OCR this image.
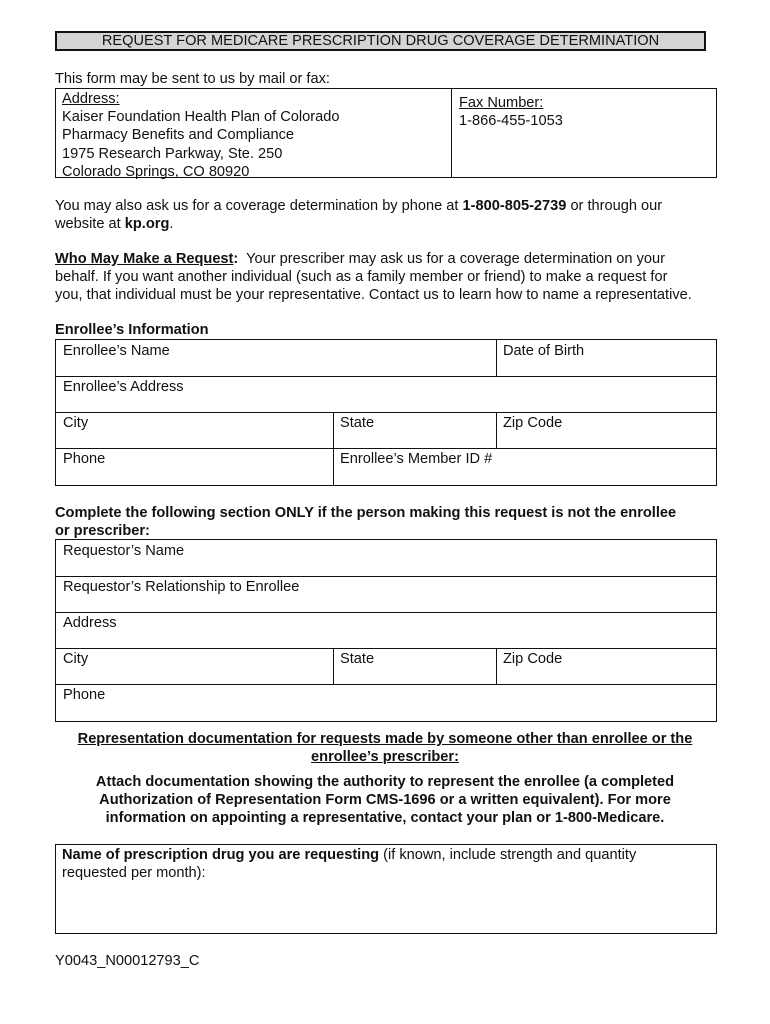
REQUEST FOR MEDICARE PRESCRIPTION DRUG COVERAGE DETERMINATION
This form may be sent to us by mail or fax:
Address:
Kaiser Foundation Health Plan of Colorado
Pharmacy Benefits and Compliance
1975 Research Parkway, Ste. 250
Colorado Springs, CO 80920
Fax Number:
1-866-455-1053
You may also ask us for a coverage determination by phone at 1-800-805-2739 or through our
website at kp.org.
Who May Make a Request:  Your prescriber may ask us for a coverage determination on your
behalf. If you want another individual (such as a family member or friend) to make a request for
you, that individual must be your representative. Contact us to learn how to name a representative.
Enrollee’s Information
Enrollee’s Name	Date of Birth
Enrollee’s Address
City	State	Zip Code
Phone	Enrollee’s Member ID #
Complete the following section ONLY if the person making this request is not the enrollee
or prescriber:
Requestor’s Name
Requestor’s Relationship to Enrollee
Address
City	State	Zip Code
Phone
Representation documentation for requests made by someone other than enrollee or the
enrollee’s prescriber:
Attach documentation showing the authority to represent the enrollee (a completed
Authorization of Representation Form CMS-1696 or a written equivalent). For more
information on appointing a representative, contact your plan or 1-800-Medicare.
Name of prescription drug you are requesting (if known, include strength and quantity
requested per month):
Y0043_N00012793_C
